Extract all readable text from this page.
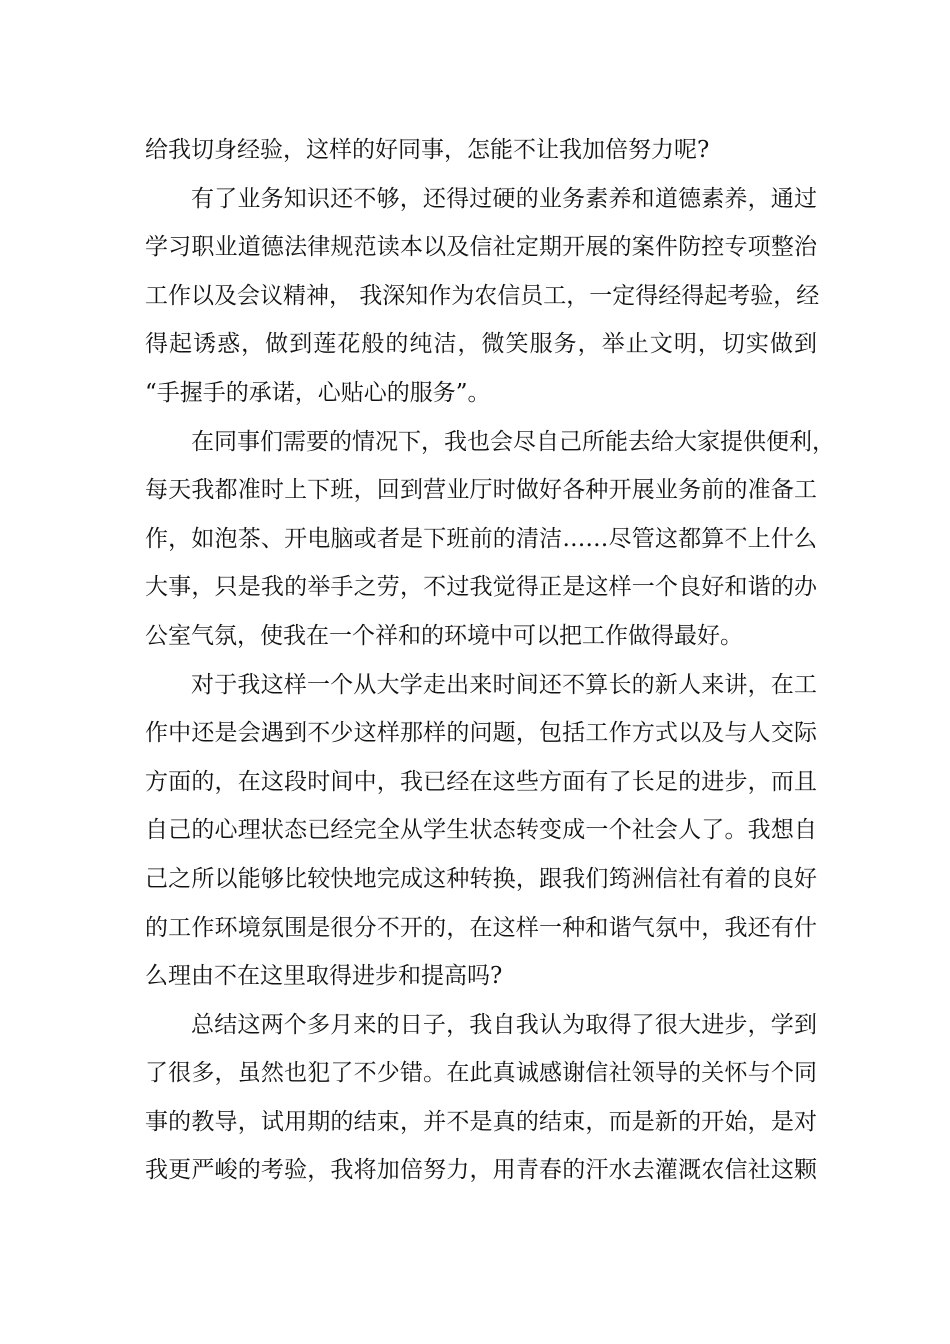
给我切身经验，这样的好同事，怎能不让我加倍努力呢?
有了业务知识还不够，还得过硬的业务素养和道德素养，通过
学习职业道德法律规范读本以及信社定期开展的案件防控专项整治
工作以及会议精神， 我深知作为农信员工，一定得经得起考验，经
得起诱惑，做到莲花般的纯洁，微笑服务，举止文明，切实做到
“手握手的承诺，心贴心的服务”。
在同事们需要的情况下，我也会尽自己所能去给大家提供便利，
每天我都准时上下班，回到营业厅时做好各种开展业务前的准备工
作，如泡茶、开电脑或者是下班前的清洁……尽管这都算不上什么
大事，只是我的举手之劳，不过我觉得正是这样一个良好和谐的办
公室气氛，使我在一个祥和的环境中可以把工作做得最好。
对于我这样一个从大学走出来时间还不算长的新人来讲，在工
作中还是会遇到不少这样那样的问题，包括工作方式以及与人交际
方面的，在这段时间中，我已经在这些方面有了长足的进步，而且
自己的心理状态已经完全从学生状态转变成一个社会人了。我想自
己之所以能够比较快地完成这种转换，跟我们筠洲信社有着的良好
的工作环境氛围是很分不开的，在这样一种和谐气氛中，我还有什
么理由不在这里取得进步和提高吗?
总结这两个多月来的日子，我自我认为取得了很大进步，学到
了很多，虽然也犯了不少错。在此真诚感谢信社领导的关怀与个同
事的教导，试用期的结束，并不是真的结束，而是新的开始，是对
我更严峻的考验，我将加倍努力，用青春的汗水去灌溉农信社这颗
